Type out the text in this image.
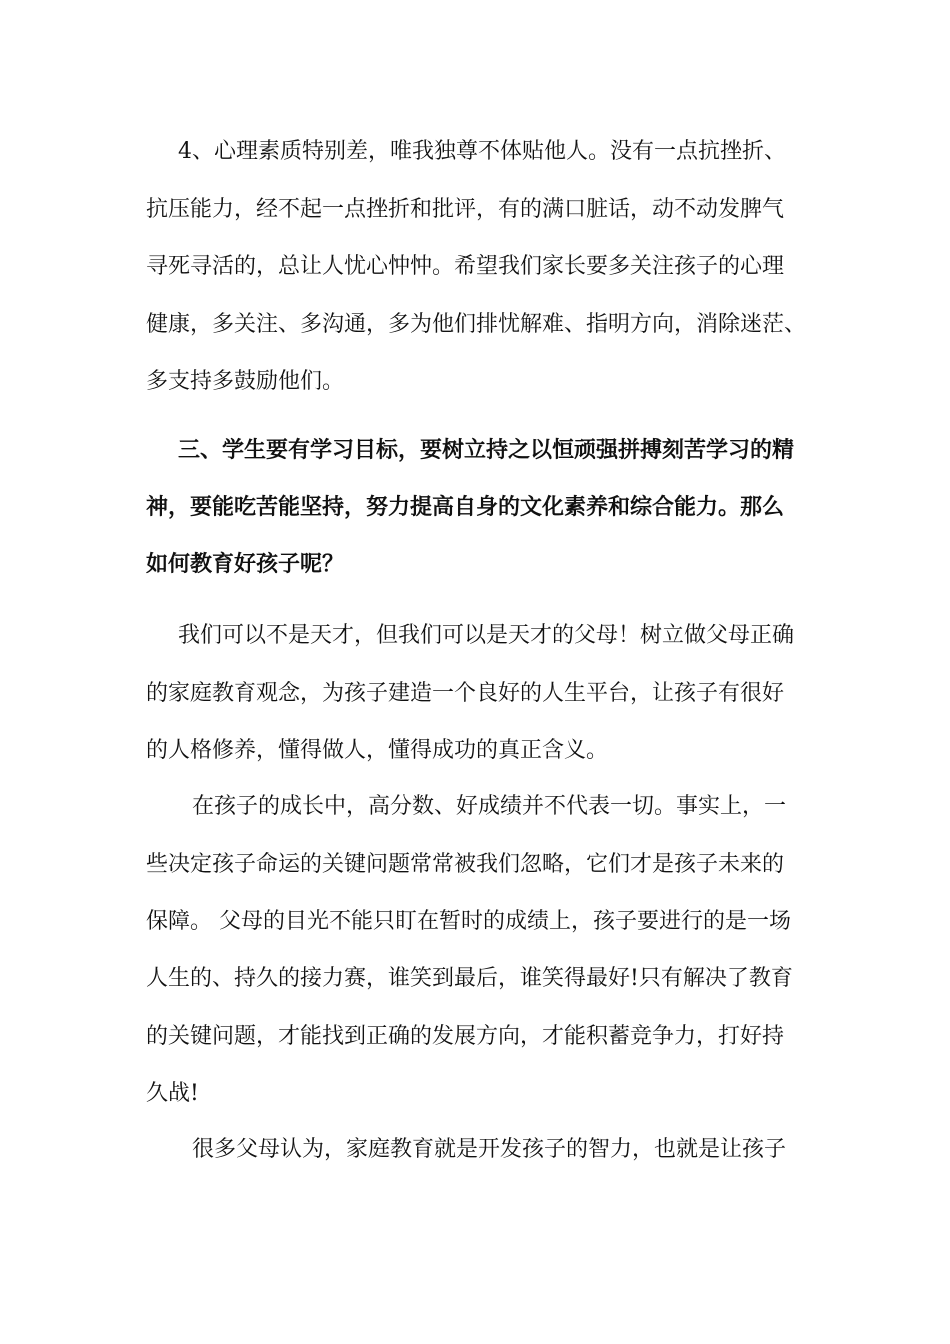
4、心理素质特别差，唯我独尊不体贴他人。没有一点抗挫折、
抗压能力，经不起一点挫折和批评，有的满口脏话，动不动发脾气
寻死寻活的，总让人忧心忡忡。希望我们家长要多关注孩子的心理
健康，多关注、多沟通，多为他们排忧解难、指明方向，消除迷茫、
多支持多鼓励他们。
三、学生要有学习目标，要树立持之以恒顽强拼搏刻苦学习的精
神，要能吃苦能坚持，努力提高自身的文化素养和综合能力。那么
如何教育好孩子呢？
我们可以不是天才，但我们可以是天才的父母！树立做父母正确
的家庭教育观念，为孩子建造一个良好的人生平台，让孩子有很好
的人格修养，懂得做人，懂得成功的真正含义。
在孩子的成长中，高分数、好成绩并不代表一切。事实上，一
些决定孩子命运的关键问题常常被我们忽略，它们才是孩子未来的
保障。 父母的目光不能只盯在暂时的成绩上，孩子要进行的是一场
人生的、持久的接力赛，谁笑到最后，谁笑得最好!只有解决了教育
的关键问题，才能找到正确的发展方向，才能积蓄竞争力，打好持
久战!
很多父母认为，家庭教育就是开发孩子的智力，也就是让孩子
